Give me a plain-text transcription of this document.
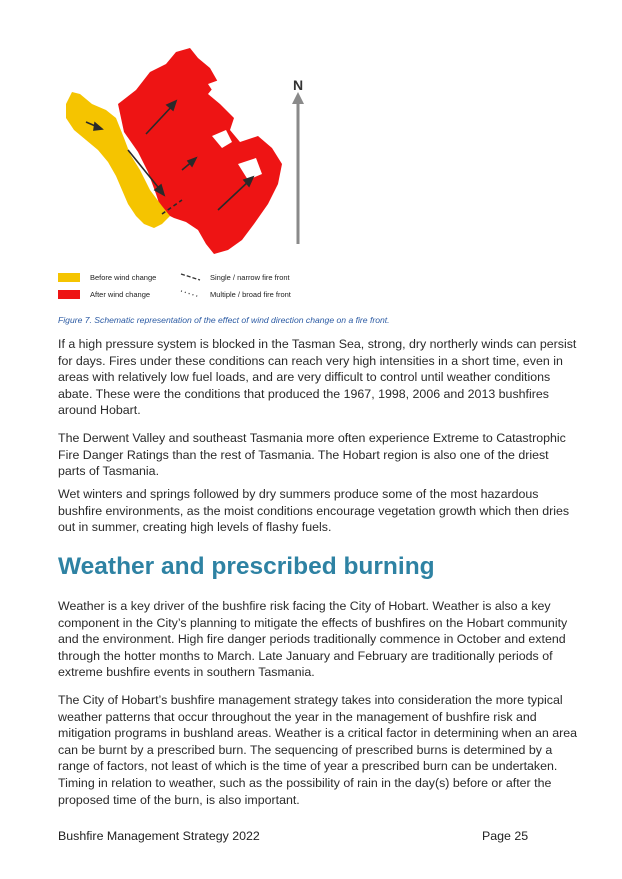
N
Before wind change
After wind change
Single / narrow fire front
Multiple / broad fire front
Figure 7. Schematic representation of the effect of wind direction change on a fire front.

If a high pressure system is blocked in the Tasman Sea, strong, dry northerly winds can persist for days. Fires under these conditions can reach very high intensities in a short time, even in areas with relatively low fuel loads, and are very difficult to control until weather conditions abate. These were the conditions that produced the 1967, 1998, 2006 and 2013 bushfires around Hobart.

The Derwent Valley and southeast Tasmania more often experience Extreme to Catastrophic Fire Danger Ratings than the rest of Tasmania. The Hobart region is also one of the driest parts of Tasmania.

Wet winters and springs followed by dry summers produce some of the most hazardous bushfire environments, as the moist conditions encourage vegetation growth which then dries out in summer, creating high levels of flashy fuels.

Weather and prescribed burning

Weather is a key driver of the bushfire risk facing the City of Hobart. Weather is also a key component in the City’s planning to mitigate the effects of bushfires on the Hobart community and the environment. High fire danger periods traditionally commence in October and extend through the hotter months to March. Late January and February are traditionally periods of extreme bushfire events in southern Tasmania.

The City of Hobart’s bushfire management strategy takes into consideration the more typical weather patterns that occur throughout the year in the management of bushfire risk and mitigation programs in bushland areas. Weather is a critical factor in determining when an area can be burnt by a prescribed burn. The sequencing of prescribed burns is determined by a range of factors, not least of which is the time of year a prescribed burn can be undertaken. Timing in relation to weather, such as the possibility of rain in the day(s) before or after the proposed time of the burn, is also important.

Bushfire Management Strategy 2022	Page 25
